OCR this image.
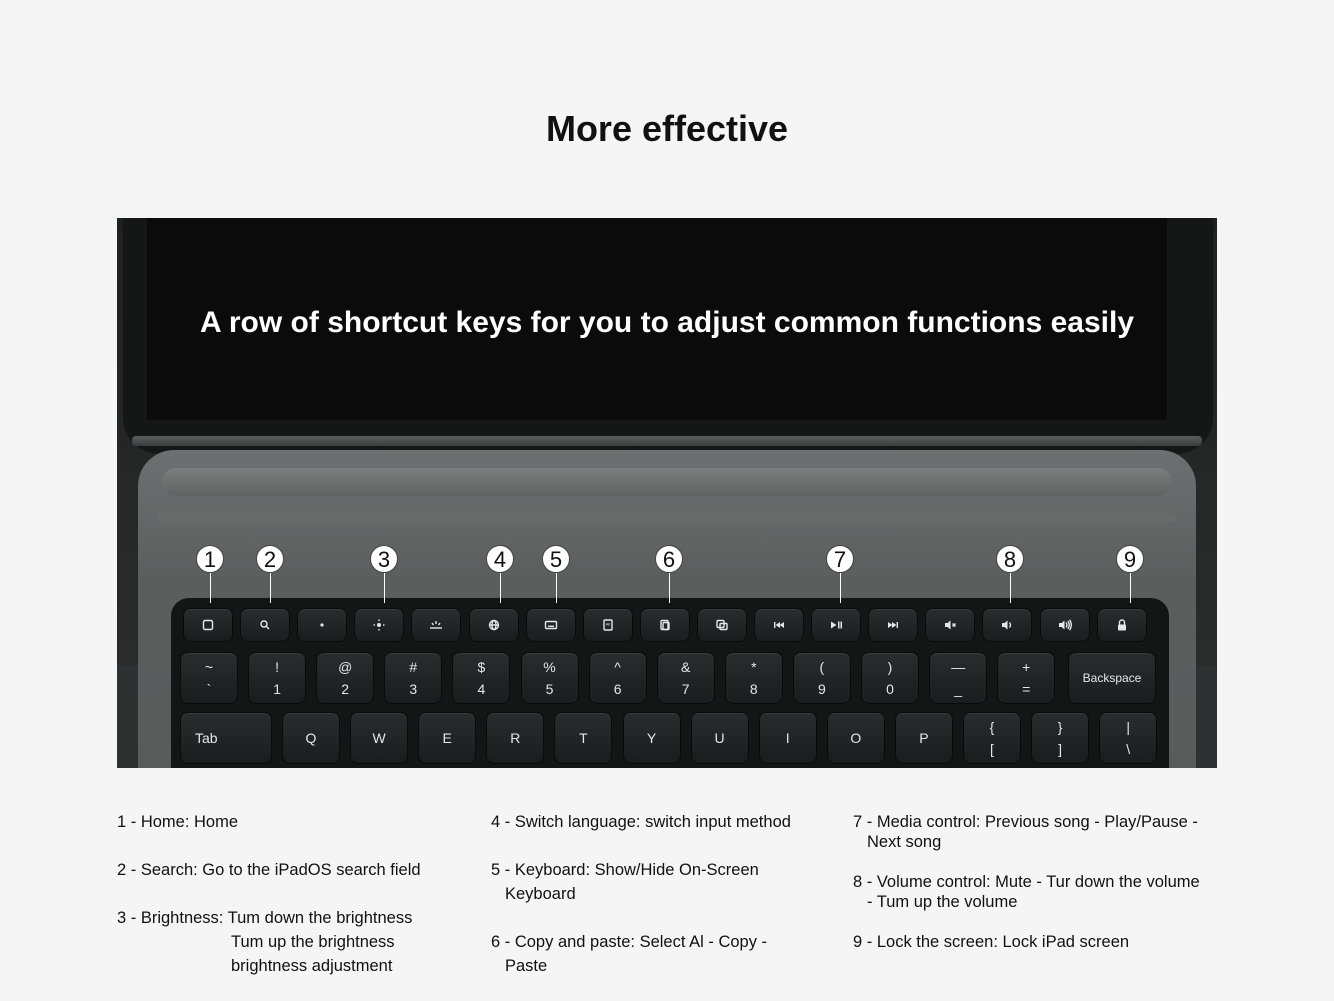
More effective
A row of shortcut keys for you to adjust common functions easily
All
~
`
!
1
@
2
#
3
$
4
%
5
^
6
&
7
*
8
(
9
)
0
—
_
+
=
Backspace
Tab	Q	W	E	R	T	Y	U	I	O	P
{
[
}
]
|
\
1	2	3	4	5	6	7	8	9
1 - Home: Home
2 - Search: Go to the iPadOS search field
3 - Brightness: Tum down the brightness
Tum up the brightness
brightness adjustment
4 - Switch language: switch input method
5 - Keyboard: Show/Hide On-Screen
Keyboard
6 - Copy and paste: Select Al - Copy -
Paste
7 - Media control: Previous song - Play/Pause -
Next song
8 - Volume control: Mute - Tur down the volume
- Tum up the volume
9 - Lock the screen: Lock iPad screen
